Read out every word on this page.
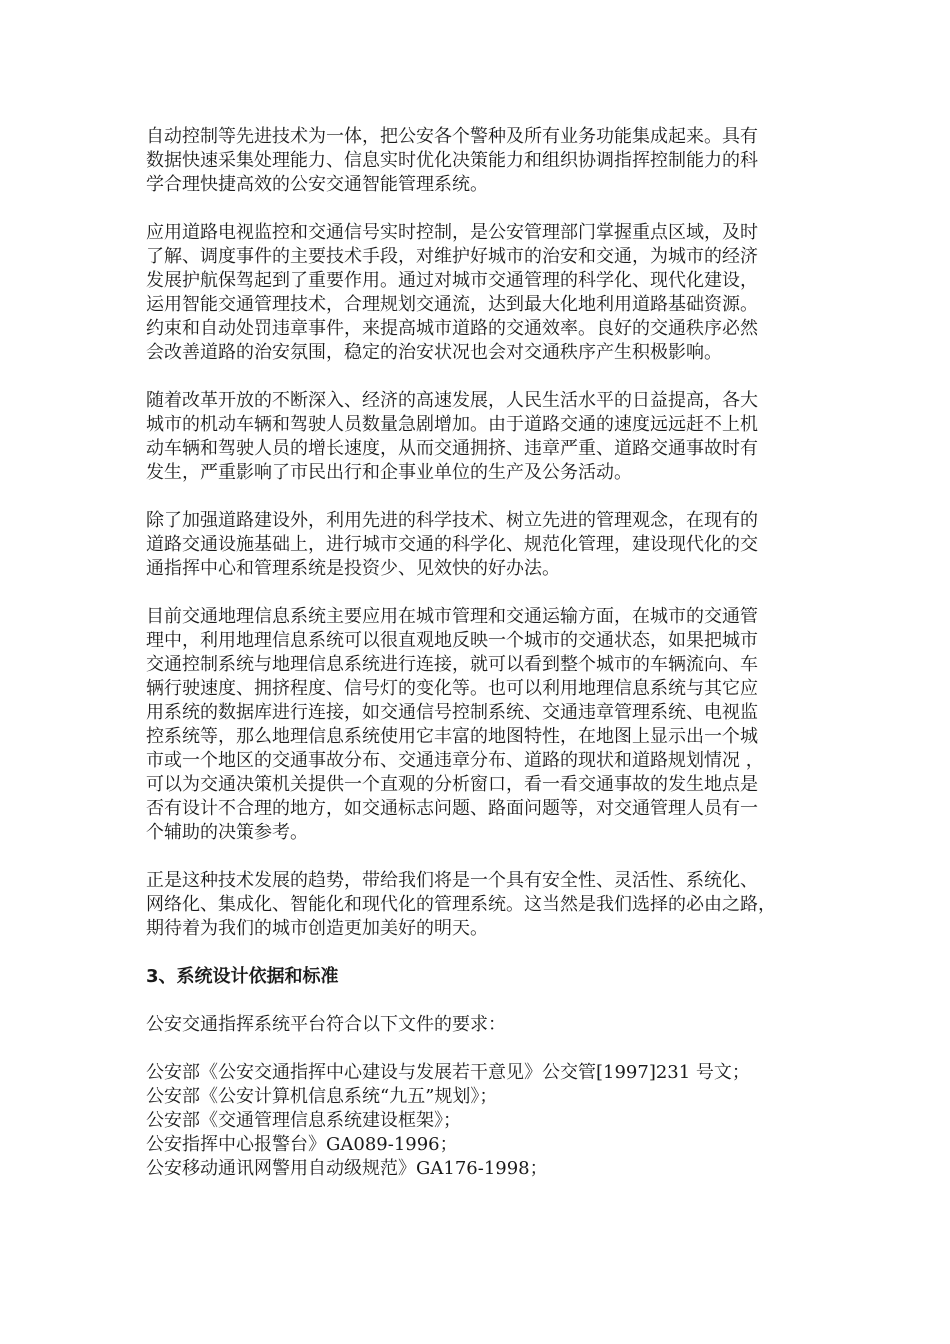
自动控制等先进技术为一体，把公安各个警种及所有业务功能集成起来。具有
数据快速采集处理能力、信息实时优化决策能力和组织协调指挥控制能力的科
学合理快捷高效的公安交通智能管理系统。

应用道路电视监控和交通信号实时控制，是公安管理部门掌握重点区域，及时
了解、调度事件的主要技术手段，对维护好城市的治安和交通，为城市的经济
发展护航保驾起到了重要作用。通过对城市交通管理的科学化、现代化建设，
运用智能交通管理技术，合理规划交通流，达到最大化地利用道路基础资源。
约束和自动处罚违章事件，来提高城市道路的交通效率。良好的交通秩序必然
会改善道路的治安氛围，稳定的治安状况也会对交通秩序产生积极影响。

随着改革开放的不断深入、经济的高速发展，人民生活水平的日益提高，各大
城市的机动车辆和驾驶人员数量急剧增加。由于道路交通的速度远远赶不上机
动车辆和驾驶人员的增长速度，从而交通拥挤、违章严重、道路交通事故时有
发生，严重影响了市民出行和企事业单位的生产及公务活动。

除了加强道路建设外，利用先进的科学技术、树立先进的管理观念，在现有的
道路交通设施基础上，进行城市交通的科学化、规范化管理，建设现代化的交
通指挥中心和管理系统是投资少、见效快的好办法。

目前交通地理信息系统主要应用在城市管理和交通运输方面，在城市的交通管
理中，利用地理信息系统可以很直观地反映一个城市的交通状态，如果把城市
交通控制系统与地理信息系统进行连接，就可以看到整个城市的车辆流向、车
辆行驶速度、拥挤程度、信号灯的变化等。也可以利用地理信息系统与其它应
用系统的数据库进行连接，如交通信号控制系统、交通违章管理系统、电视监
控系统等，那么地理信息系统使用它丰富的地图特性，在地图上显示出一个城
市或一个地区的交通事故分布、交通违章分布、道路的现状和道路规划情况 ，
可以为交通决策机关提供一个直观的分析窗口，看一看交通事故的发生地点是
否有设计不合理的地方，如交通标志问题、路面问题等，对交通管理人员有一
个辅助的决策参考。

正是这种技术发展的趋势，带给我们将是一个具有安全性、灵活性、系统化、
网络化、集成化、智能化和现代化的管理系统。这当然是我们选择的必由之路，
期待着为我们的城市创造更加美好的明天。

3、系统设计依据和标准

公安交通指挥系统平台符合以下文件的要求：

公安部《公安交通指挥中心建设与发展若干意见》公交管[1997]231 号文；
公安部《公安计算机信息系统“九五”规划》；
公安部《交通管理信息系统建设框架》；
公安指挥中心报警台》GA089-1996；
公安移动通讯网警用自动级规范》GA176-1998；
